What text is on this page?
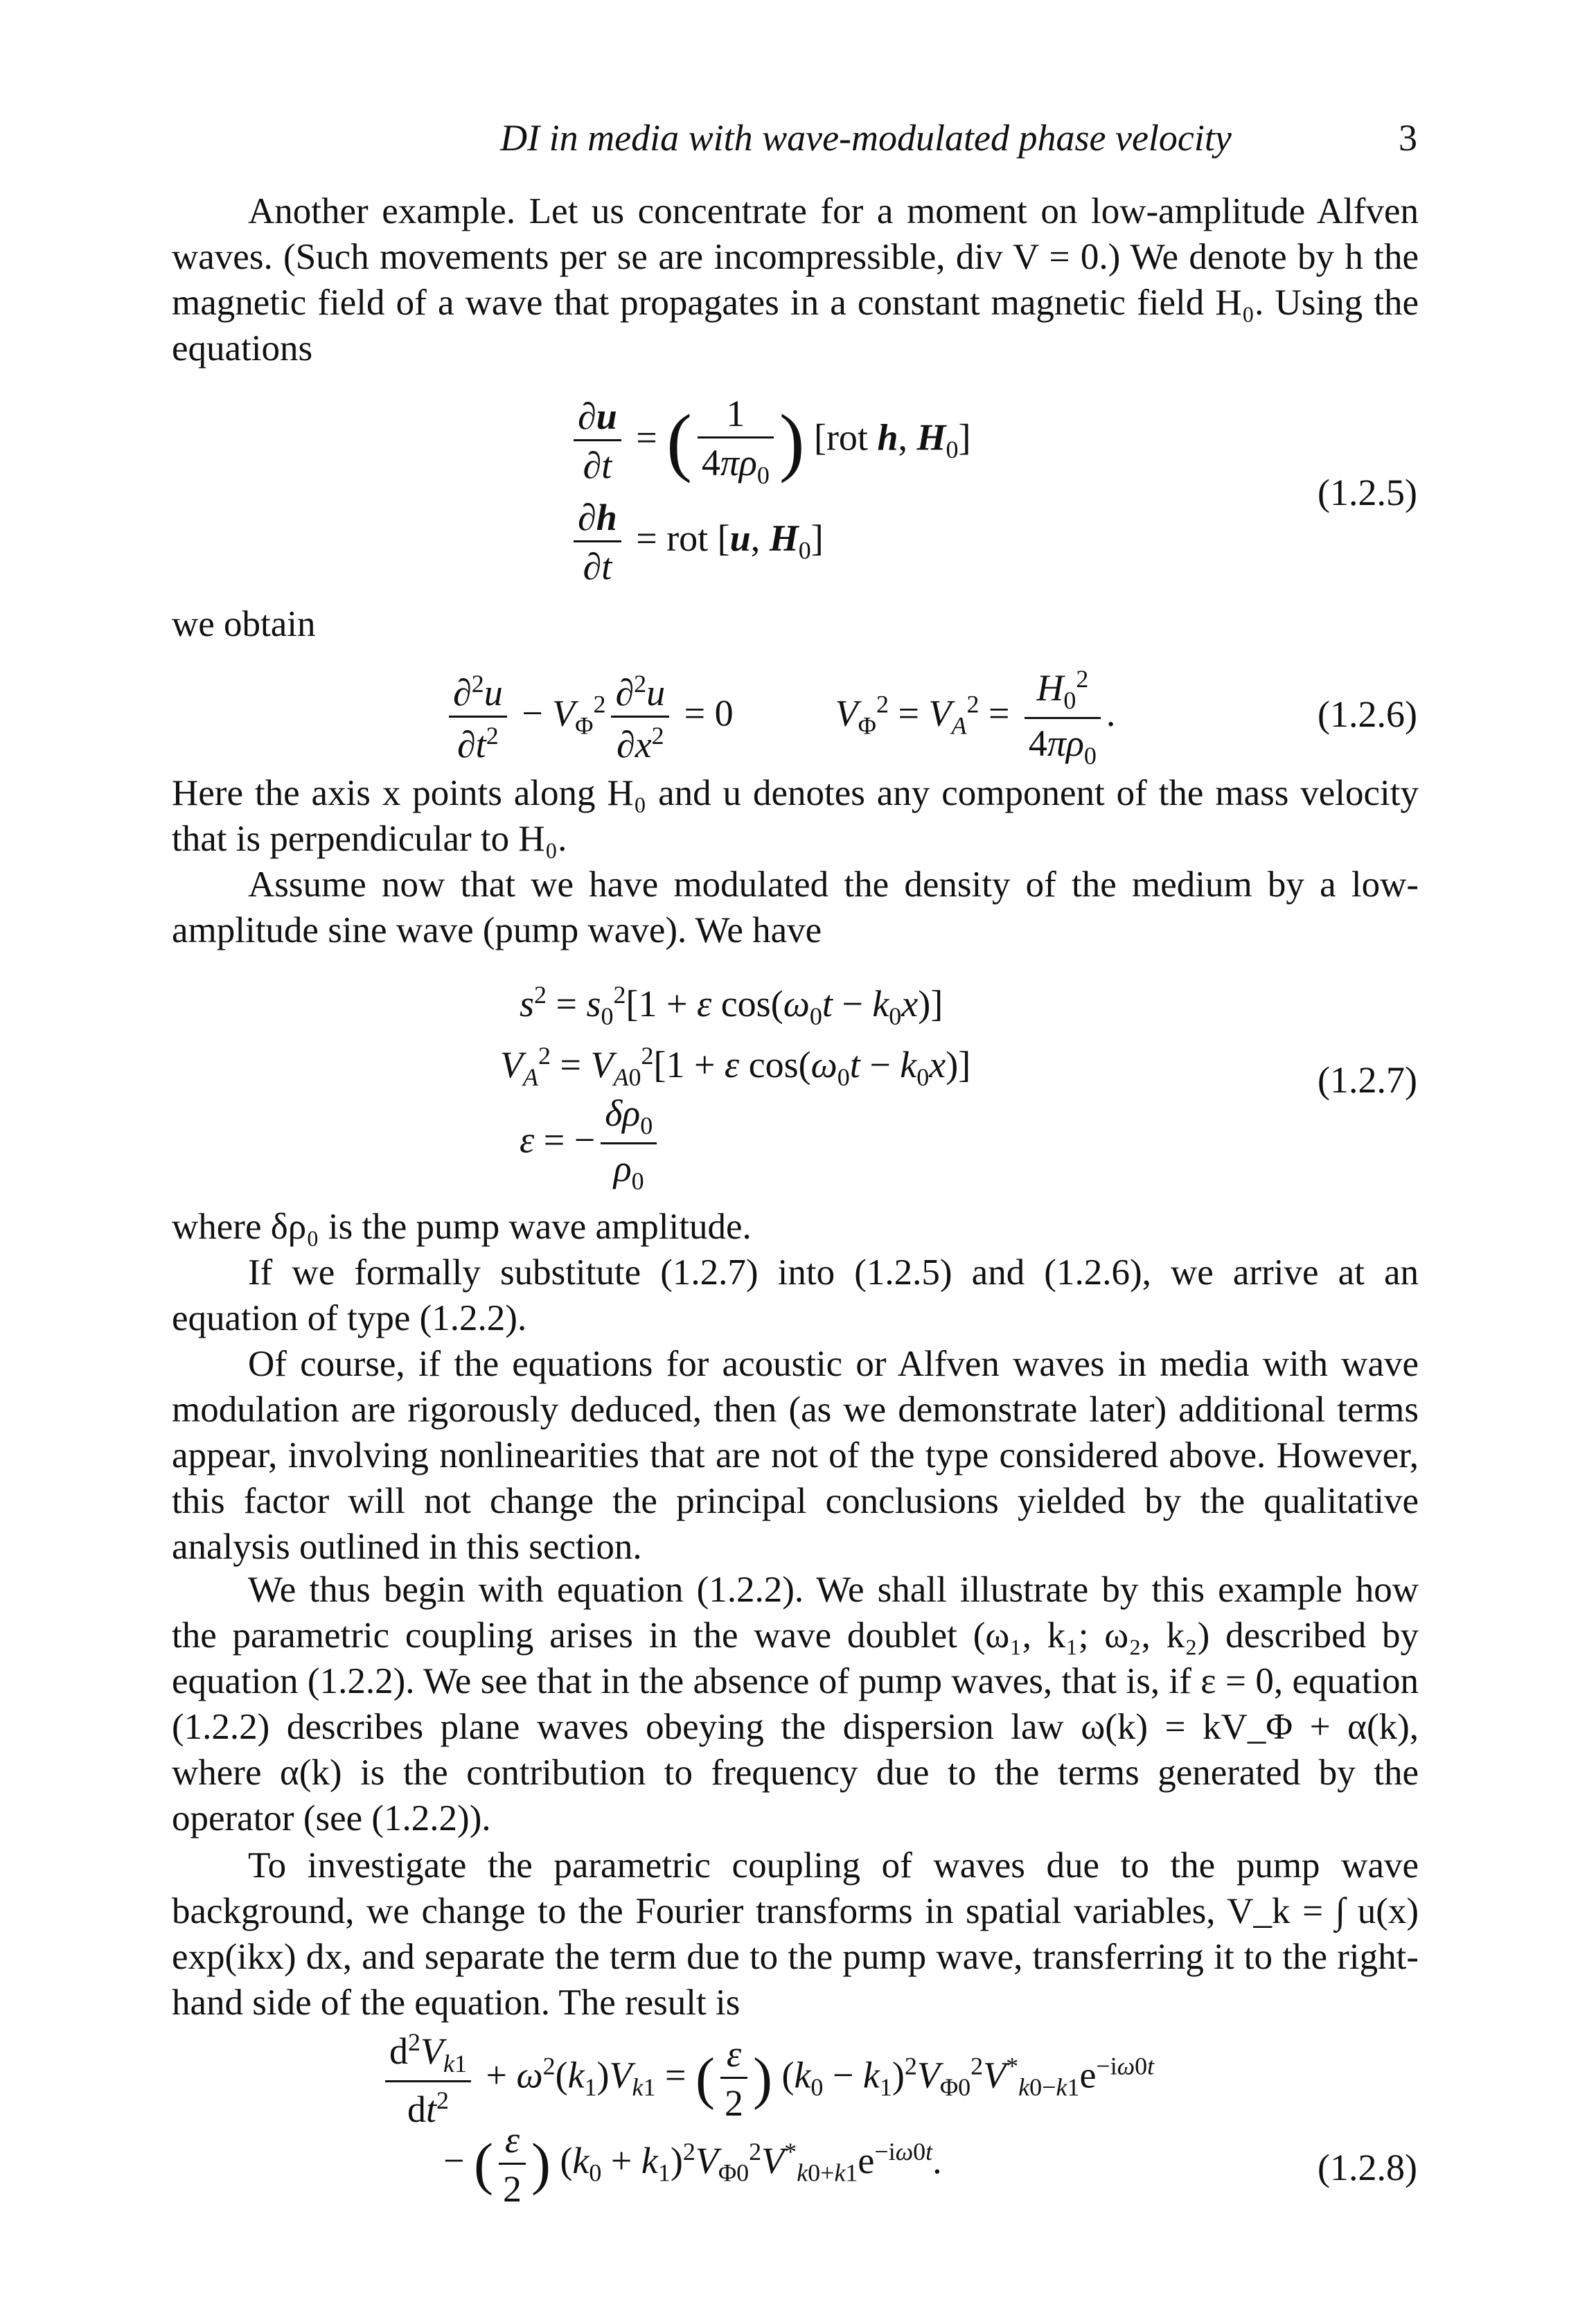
DI in media with wave-modulated phase velocity	3

Another example. Let us concentrate for a moment on low-amplitude Alfven waves. (Such movements per se are incompressible, div V = 0.) We denote by h the magnetic field of a wave that propagates in a constant magnetic field H₀. Using the equations

$\frac{\partial u}{\partial t}$ = ( $\frac{1}{4\pi\rho_0}$ ) [rot h, $H_0$]
$\frac{\partial h}{\partial t}$ = rot [u, $H_0$]
(1.2.5)

we obtain

$\frac{\partial^2u}{\partial t^2} - V_\Phi^2 \frac{\partial^2u}{\partial x^2} = 0$  $V_\Phi^2 = V_A^2 = \frac{H_0^2}{4\pi\rho_0}$ .	(1.2.6)

Here the axis x points along H₀ and u denotes any component of the mass velocity that is perpendicular to H₀.

Assume now that we have modulated the density of the medium by a low-amplitude sine wave (pump wave). We have

$s^2 = s_0^2[1 + \varepsilon$ $\cos(\omega_0t - k_0x)$]
$V_A^2 = V_{A0}^2[1 + \varepsilon$ $\cos(\omega_0t - k_0x)$]
ε = − $\frac{\delta\rho_0}{\rho_0}$
(1.2.7)

where δρ₀ is the pump wave amplitude.

If we formally substitute (1.2.7) into (1.2.5) and (1.2.6), we arrive at an equation of type (1.2.2).

Of course, if the equations for acoustic or Alfven waves in media with wave modulation are rigorously deduced, then (as we demonstrate later) additional terms appear, involving nonlinearities that are not of the type considered above. However, this factor will not change the principal conclusions yielded by the qualitative analysis outlined in this section.

We thus begin with equation (1.2.2). We shall illustrate by this example how the parametric coupling arises in the wave doublet (ω₁, k₁; ω₂, k₂) described by equation (1.2.2). We see that in the absence of pump waves, that is, if ε = 0, equation (1.2.2) describes plane waves obeying the dispersion law ω(k) = kV_Φ + α(k), where α(k) is the contribution to frequency due to the terms generated by the operator (see (1.2.2)).

To investigate the parametric coupling of waves due to the pump wave background, we change to the Fourier transforms in spatial variables, V_k = ∫ u(x) exp(ikx) dx, and separate the term due to the pump wave, transferring it to the right-hand side of the equation. The result is

$\frac{d^2V_{k1}}{dt^2} + \omega^2(k_1)V_{k1}$ = ( $\frac{\varepsilon}{2}$ ) $(k_0 - k_1)^2V_{\Phi 0}^2V^*_{k0-k1}e^{-i\omega 0t}$
− ( $\frac{\varepsilon}{2}$ ) $(k_0 + k_1)^2V_{\Phi 0}^2V^*_{k0+k1}e^{-i\omega 0t}$.	(1.2.8)
